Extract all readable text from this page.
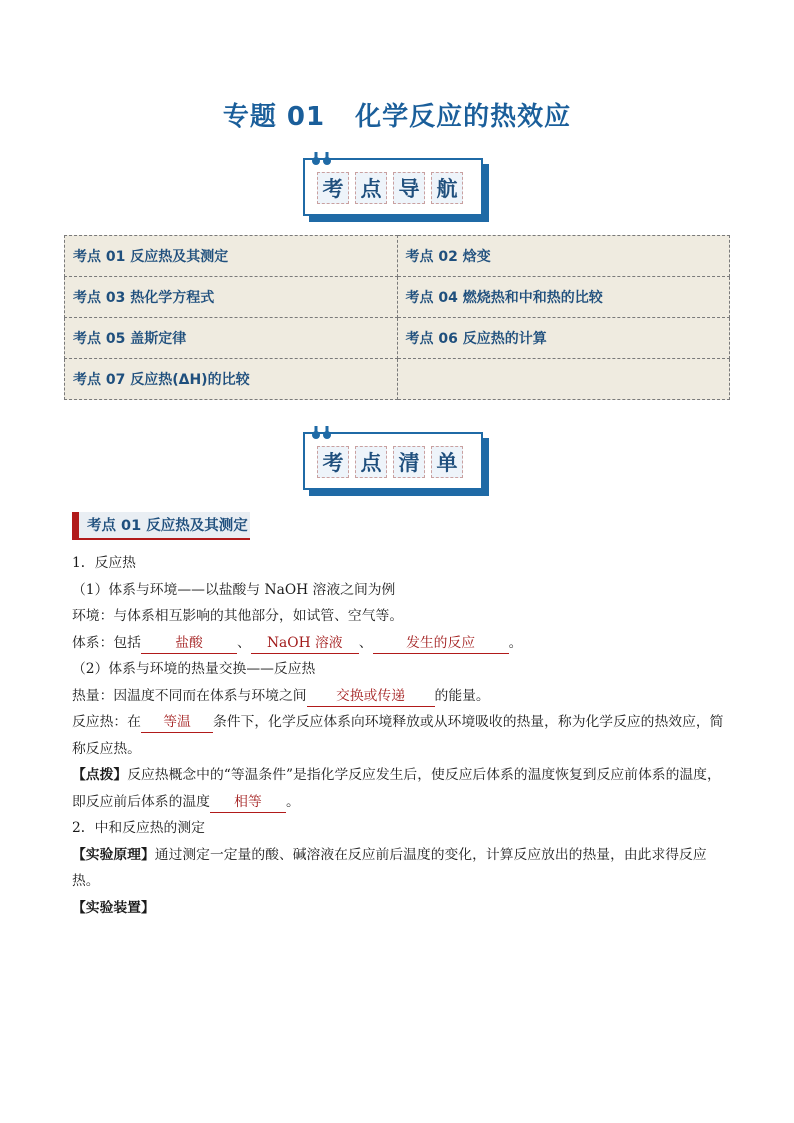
专题 01 化学反应的热效应
考 点 导 航
考点 01 反应热及其测定	考点 02 焓变
考点 03 热化学方程式	考点 04 燃烧热和中和热的比较
考点 05 盖斯定律	考点 06 反应热的计算
考点 07 反应热(ΔH)的比较	
考 点 清 单
考点 01 反应热及其测定

1．反应热

（1）体系与环境——以盐酸与 NaOH 溶液之间为例

环境：与体系相互影响的其他部分，如试管、空气等。

体系：包括 盐酸 、 NaOH 溶液 、 发生的反应 。

（2）体系与环境的热量交换——反应热

热量：因温度不同而在体系与环境之间 交换或传递 的能量。

反应热：在 等温 条件下，化学反应体系向环境释放或从环境吸收的热量，称为化学反应的热效应，简称反应热。

【点拨】反应热概念中的“等温条件”是指化学反应发生后，使反应后体系的温度恢复到反应前体系的温度，即反应前后体系的温度 相等 。

2．中和反应热的测定

【实验原理】通过测定一定量的酸、碱溶液在反应前后温度的变化，计算反应放出的热量，由此求得反应热。

【实验装置】
